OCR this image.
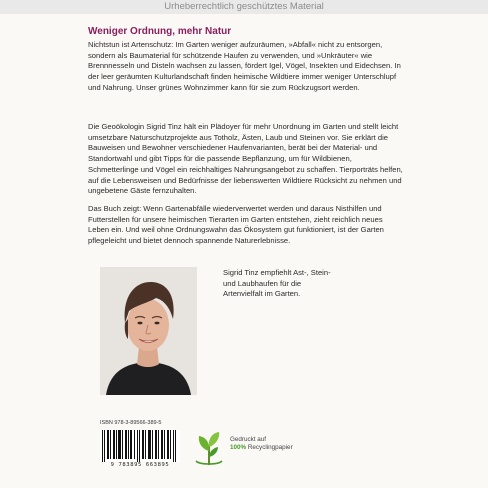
Urheberrechtlich geschütztes Material
Weniger Ordnung, mehr Natur

Nichtstun ist Artenschutz: Im Garten weniger aufzuräumen, »Abfall« nicht zu entsorgen, sondern als Baumaterial für schützende Haufen zu verwenden, und »Unkräuter« wie Brennnesseln und Disteln wachsen zu lassen, fördert Igel, Vögel, Insekten und Eidechsen. In der leer geräumten Kulturlandschaft finden heimische Wildtiere immer weniger Unterschlupf und Nahrung. Unser grünes Wohnzimmer kann für sie zum Rückzugsort werden.

Die Geoökologin Sigrid Tinz hält ein Plädoyer für mehr Unordnung im Garten und stellt leicht umsetzbare Naturschutzprojekte aus Totholz, Ästen, Laub und Steinen vor. Sie erklärt die Bauweisen und Bewohner verschiedener Haufenvarianten, berät bei der Material- und Standortwahl und gibt Tipps für die passende Bepflanzung, um für Wildbienen, Schmetterlinge und Vögel ein reichhaltiges Nahrungsangebot zu schaffen. Tierporträts helfen, auf die Lebensweisen und Bedürfnisse der liebenswerten Wildtiere Rücksicht zu nehmen und ungebetene Gäste fernzuhalten.

Das Buch zeigt: Wenn Gartenabfälle wiederverwertet werden und daraus Nisthilfen und Futterstellen für unsere heimischen Tierarten im Garten entstehen, zieht reichlich neues Leben ein. Und weil ohne Ordnungswahn das Ökosystem gut funktioniert, ist der Garten pflegeleicht und bietet dennoch spannende Naturerlebnisse.

Sigrid Tinz empfiehlt Ast-, Stein- und Laubhaufen für die Artenvielfalt im Garten.

ISBN 978-3-89566-389-5

9 783895 663895

Gedruckt auf
100% Recyclingpapier
